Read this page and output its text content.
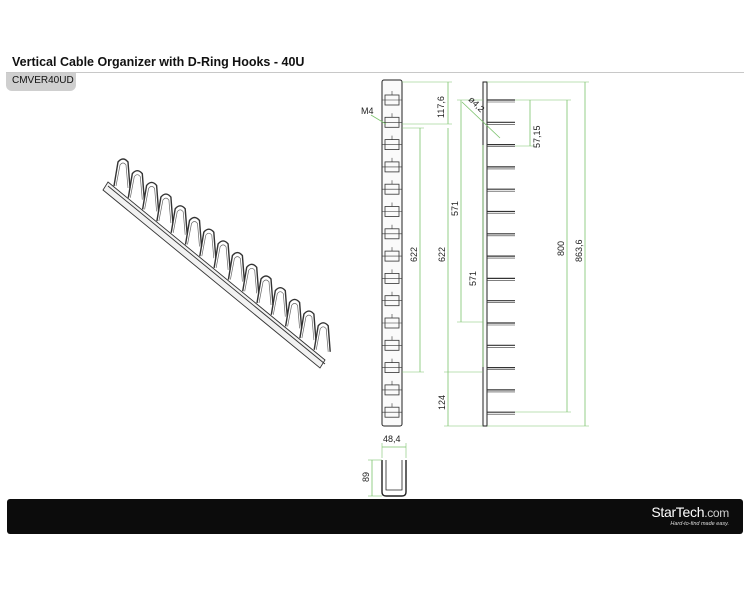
Vertical Cable Organizer with D-Ring Hooks - 40U
CMVER40UD
M4	117,6
622
48,4
89
ø4,2
57,15
571
571
622
124
800 863,6
StarTech.com
Hard-to-find made easy.
